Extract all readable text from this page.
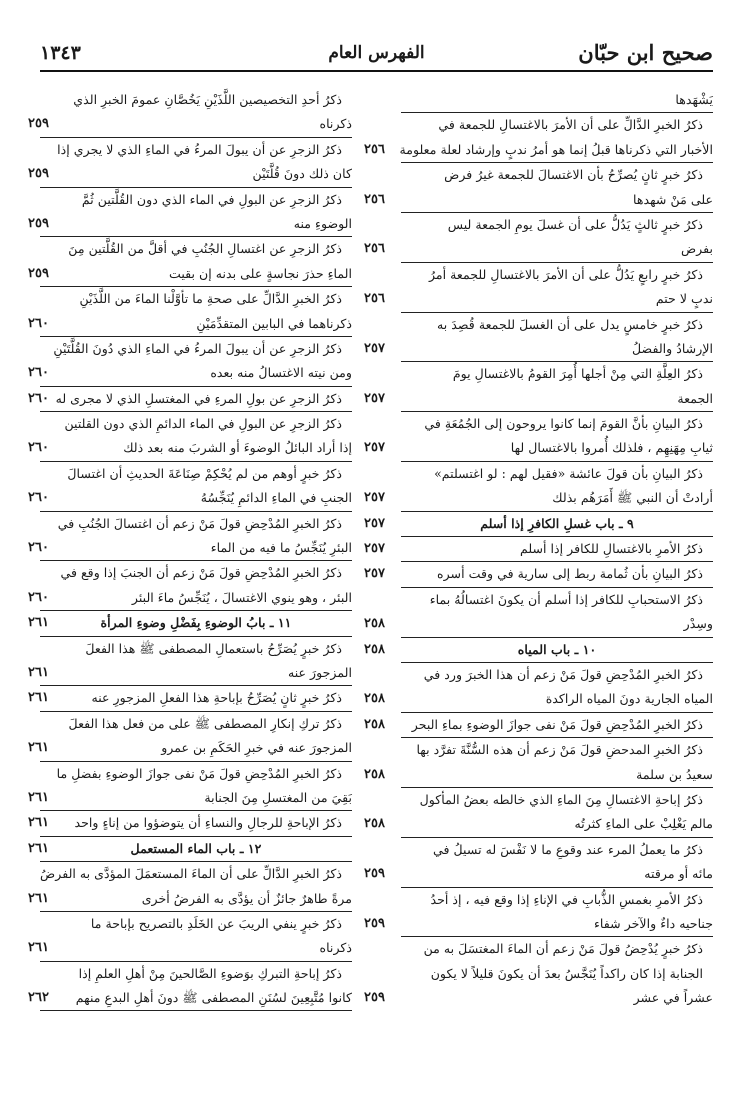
صحيح ابن حبّان
الفهرس العام
١٣٤٣
يَشْهَدها
ذكرُ الخبرِ الدَّالِّ على أن الأمرَ بالاغتسالِ للجمعة في
الأخبار التي ذكرناها قبلُ إنما هو أمرُ ندبٍ وإرشاد لعلة معلومة
٢٥٦
ذكرُ خبرٍ ثانٍ يُصرِّحُ بأن الاغتسالَ للجمعة غيرُ فرض
على مَنْ شهدها
٢٥٦
ذكرُ خبرٍ ثالثٍ يَدُلُّ على أن غسلَ يومِ الجمعة ليس
بفرض
٢٥٦
ذكرُ خبرٍ رابعٍ يَدُلُّ على أن الأمرَ بالاغتسالِ للجمعة أمرُ
ندبٍ لا حتم
٢٥٦
ذكرُ خبرٍ خامسٍ يدل على أن الغسلَ للجمعة قُصِدَ به
الإرشادُ والفضلُ
٢٥٧
ذكرُ العِلَّةِ التي مِنْ أجلها أُمِرَ القومُ بالاغتسالِ يومَ
الجمعة
٢٥٧
ذكرُ البيانِ بأنَّ القومَ إنما كانوا يروحون إلى الجُمُعَةِ في
ثيابِ مِهَنِهِم ، فلذلك أُمروا بالاغتسال لها
٢٥٧
ذكرُ البيانِ بأن قولَ عائشة «فقيل لهم : لو اغتسلتم»
أرادتْ أن النبي ﷺ أَمَرَهُم بذلك
٢٥٧
٩ ـ باب غسلِ الكافرِ إذا أسلم
٢٥٧
ذكرُ الأمرِ بالاغتسالِ للكافر إذا أسلم
٢٥٧
ذكرُ البيانِ بأن ثُمامة ربط إلى سارية في وقت أسره
٢٥٧
ذكرُ الاستحبابِ للكافر إذا أسلم أن يكونَ اغتسالُهُ بماء
وسِدْر
٢٥٨
١٠ ـ باب المياه
٢٥٨
ذكرُ الخبرِ المُدْحِضِ قولَ مَنْ زعم أن هذا الخبرَ ورد في
المياه الجارية دونَ المياه الراكدة
٢٥٨
ذكرُ الخبرِ المُدْحِضِ قولَ مَنْ نفى جوازَ الوضوءِ بماءِ البحر
٢٥٨
ذكرُ الخبرِ المدحضِ قولَ مَنْ زعم أن هذه السُّنَّةَ تفرَّد بها
سعيدُ بن سلمة
٢٥٨
ذكرُ إباحةِ الاغتسالِ مِنَ الماءِ الذي خالطه بعضُ المأكول
مالم يَغْلِبْ على الماءِ كثرتُه
٢٥٨
ذكرُ ما يعملُ المرء عند وقوعِ ما لا نَفْسَ له تسيلُ في
مائه أو مرقته
٢٥٩
ذكرُ الأمرِ بغمسِ الذُّبابِ في الإناءِ إذا وقع فيه ، إذ أحدُ
جناحيه داءٌ والآخر شفاء
٢٥٩
ذكرُ خبرٍ يُدْحِضُ قولَ مَنْ زعم أن الماءَ المغتسَلَ به من
الجنابة إذا كان راكداً يُنَجَّسُ بعدَ أن يكونَ قليلاً لا يكون
عشراً في عشر
٢٥٩
ذكرُ أحدِ التخصيصين اللَّذَيْنِ يَخُصَّانِ عمومَ الخبرِ الذي
ذكرناه
٢٥٩
ذكرُ الزجرِ عن أن يبولَ المرءُ في الماءِ الذي لا يجري إذا
كان ذلك دونَ قُلَّتَيْن
٢٥٩
ذكرُ الزجرِ عن البولِ في الماء الذي دون القُلَّتين ثُمَّ
الوضوءِ منه
٢٥٩
ذكرُ الزجرِ عن اغتسالِ الجُنُبِ في أقلَّ من القُلَّتين مِنَ
الماءِ حذرَ نجاسةٍ على بدنه إن بقيت
٢٥٩
ذكرُ الخبرِ الدَّالِّ على صحةِ ما تأوَّلْنا الماءَ من اللَّذَيْنِ
ذكرناهما في البابين المتقدِّمَيْنِ
٢٦٠
ذكرُ الزجرِ عن أن يبولَ المرءُ في الماءِ الذي دُونَ القُلَّتَيْنِ
ومن نيته الاغتسالُ منه بعده
٢٦٠
ذكرُ الزجرِ عن بولِ المرءِ في المغتسلِ الذي لا مجرى له
٢٦٠
ذكرُ الزجرِ عن البولِ في الماء الدائمِ الذي دون القلتين
إذا أراد البائلُ الوضوءَ أو الشربَ منه بعد ذلك
٢٦٠
ذكرُ خبرٍ أوهم من لم يُحْكِمْ صِنَاعَةَ الحديثِ أن اغتسالَ
الجنبِ في الماءِ الدائمِ يُنَجِّسُهُ
٢٦٠
ذكرُ الخبرِ المُدْحِضِ قولَ مَنْ زعم أن اغتسالَ الجُنُبِ في
البئرِ يُنَجِّسُ ما فيه من الماء
٢٦٠
ذكرُ الخبرِ المُدْحِضِ قولَ مَنْ زعم أن الجنبَ إذا وقع في
البئر ، وهو ينوي الاغتسالَ ، يُنَجِّسُ ماءَ البئر
٢٦٠
١١ ـ بابُ الوضوءِ بِفَضْلِ وضوءِ المرأة
٢٦١
ذكرُ خبرٍ يُصَرِّحُ باستعمالِ المصطفى ﷺ هذا الفعلَ
المزجورَ عنه
٢٦١
ذكرُ خبرٍ ثانٍ يُصَرِّحُ بإباحةِ هذا الفعلِ المزجورِ عنه
٢٦١
ذكرُ تركِ إنكارِ المصطفى ﷺ على من فعل هذا الفعلَ
المزجورَ عنه في خبرِ الحَكَمِ بن عمرو
٢٦١
ذكرُ الخبرِ المُدْحِضِ قولَ مَنْ نفى جوازَ الوضوءِ بفضلِ ما
بَقِيَ من المغتسلِ مِنَ الجنابة
٢٦١
ذكرُ الإباحةِ للرجالِ والنساءِ أن يتوضؤوا من إناءٍ واحد
٢٦١
١٢ ـ باب الماء المستعمل
٢٦١
ذكرُ الخبرِ الدَّالِّ على أن الماءَ المستعمَلَ المؤدَّى به الفرضُ
مرةً طاهرٌ جائزٌ أن يؤدَّى به الفرضُ أخرى
٢٦١
ذكرُ خبرٍ ينفي الريبَ عن الخَلَدِ بالتصريح بإباحة ما
ذكرناه
٢٦١
ذكرُ إباحةِ التبركِ بوَضوءِ الصَّالحينَ مِنْ أهلِ العلمِ إذا
كانوا مُتَّبِعِينَ لسُنَنِ المصطفى ﷺ دونَ أهلِ البدعِ منهم
٢٦٢
